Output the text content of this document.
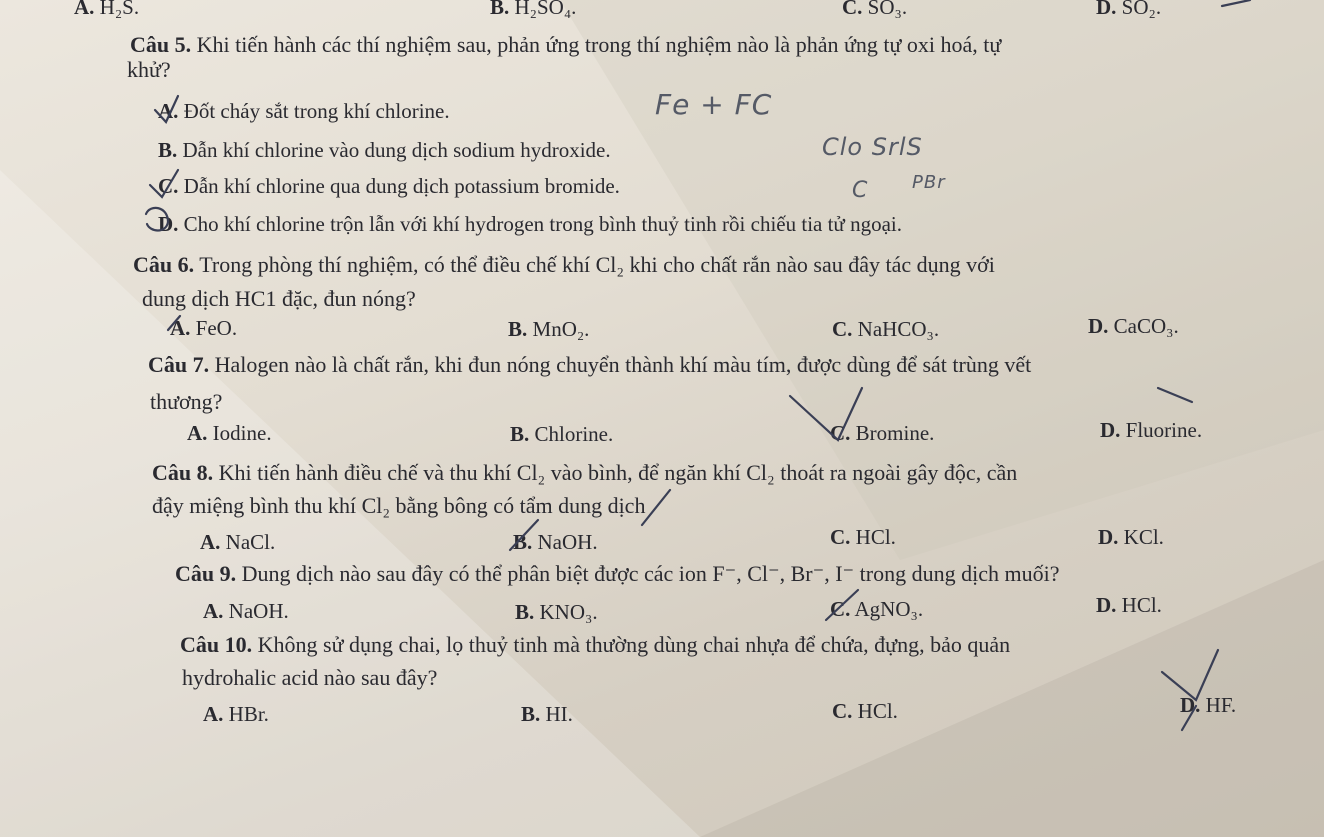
A. H₂S.	B. H₂SO₄.	C. SO₃.	D. SO₂.
Câu 5. Khi tiến hành các thí nghiệm sau, phản ứng trong thí nghiệm nào là phản ứng tự oxi hoá, tự
khử?
A. Đốt cháy sắt trong khí chlorine.
B. Dẫn khí chlorine vào dung dịch sodium hydroxide.
C. Dẫn khí chlorine qua dung dịch potassium bromide.
D. Cho khí chlorine trộn lẫn với khí hydrogen trong bình thuỷ tinh rồi chiếu tia tử ngoại.
Fe + FC
Clo SrlS
C PBr
Câu 6. Trong phòng thí nghiệm, có thể điều chế khí Cl₂ khi cho chất rắn nào sau đây tác dụng với
dung dịch HC1 đặc, đun nóng?
A. FeO.	B. MnO₂.	C. NaHCO₃.	D. CaCO₃.
Câu 7. Halogen nào là chất rắn, khi đun nóng chuyển thành khí màu tím, được dùng để sát trùng vết
thương?
A. Iodine.	B. Chlorine.	C. Bromine.	D. Fluorine.
Câu 8. Khi tiến hành điều chế và thu khí Cl₂ vào bình, để ngăn khí Cl₂ thoát ra ngoài gây độc, cần
đậy miệng bình thu khí Cl₂ bằng bông có tẩm dung dịch
A. NaCl.	B. NaOH.	C. HCl.	D. KCl.
Câu 9. Dung dịch nào sau đây có thể phân biệt được các ion F⁻, Cl⁻, Br⁻, I⁻ trong dung dịch muối?
A. NaOH.	B. KNO₃.	C. AgNO₃.	D. HCl.
Câu 10. Không sử dụng chai, lọ thuỷ tinh mà thường dùng chai nhựa để chứa, đựng, bảo quản
hydrohalic acid nào sau đây?
A. HBr.	B. HI.	C. HCl.	D. HF.
